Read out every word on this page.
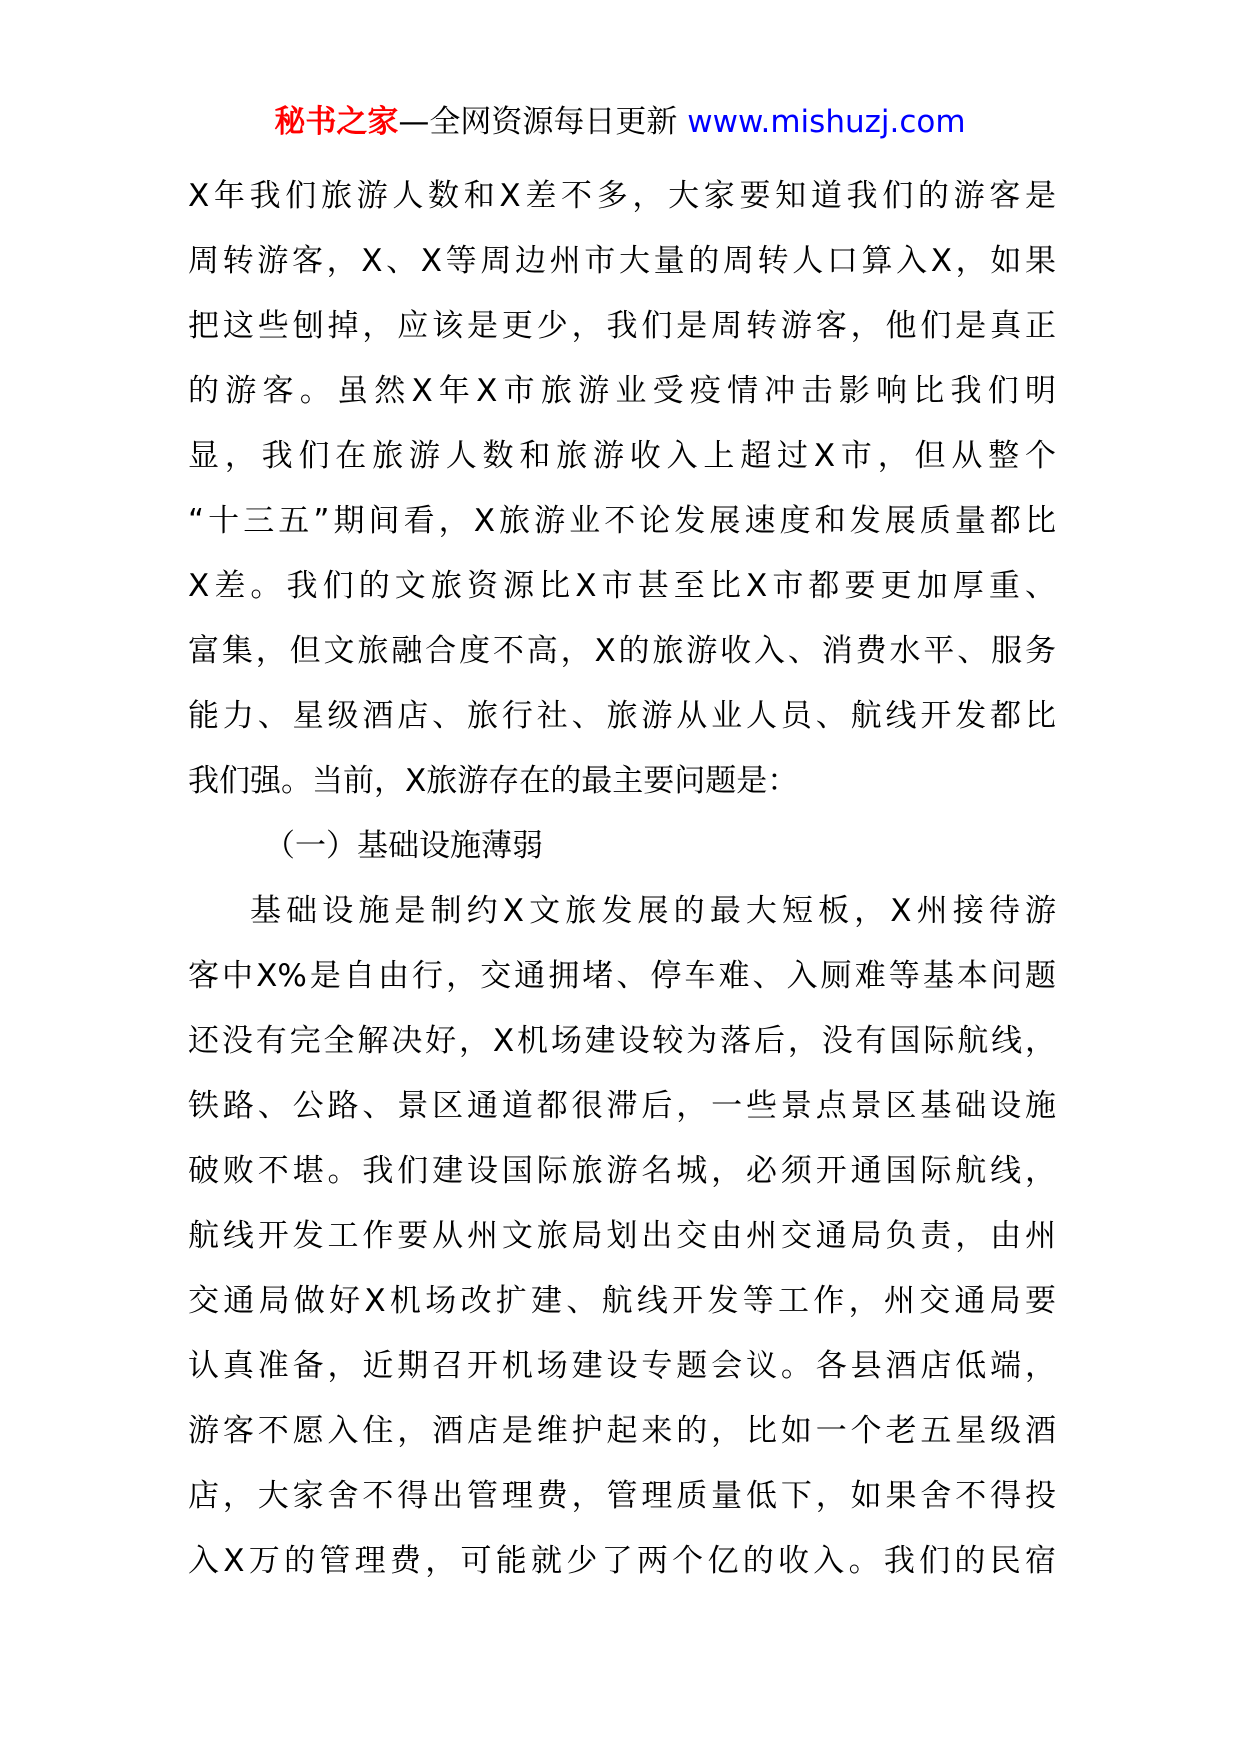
秘书之家—全网资源每日更新 www.mishuzj.com
X年我们旅游人数和X差不多，大家要知道我们的游客是
周转游客，X、X等周边州市大量的周转人口算入X，如果
把这些刨掉，应该是更少，我们是周转游客，他们是真正
的游客。虽然X年X市旅游业受疫情冲击影响比我们明
显，我们在旅游人数和旅游收入上超过X市，但从整个
“十三五”期间看，X旅游业不论发展速度和发展质量都比
X差。我们的文旅资源比X市甚至比X市都要更加厚重、
富集，但文旅融合度不高，X的旅游收入、消费水平、服务
能力、星级酒店、旅行社、旅游从业人员、航线开发都比
我们强。当前，X旅游存在的最主要问题是：
（一）基础设施薄弱
基础设施是制约X文旅发展的最大短板，X州接待游
客中X%是自由行，交通拥堵、停车难、入厕难等基本问题
还没有完全解决好，X机场建设较为落后，没有国际航线，
铁路、公路、景区通道都很滞后，一些景点景区基础设施
破败不堪。我们建设国际旅游名城，必须开通国际航线，
航线开发工作要从州文旅局划出交由州交通局负责，由州
交通局做好X机场改扩建、航线开发等工作，州交通局要
认真准备，近期召开机场建设专题会议。各县酒店低端，
游客不愿入住，酒店是维护起来的，比如一个老五星级酒
店，大家舍不得出管理费，管理质量低下，如果舍不得投
入X万的管理费，可能就少了两个亿的收入。我们的民宿
